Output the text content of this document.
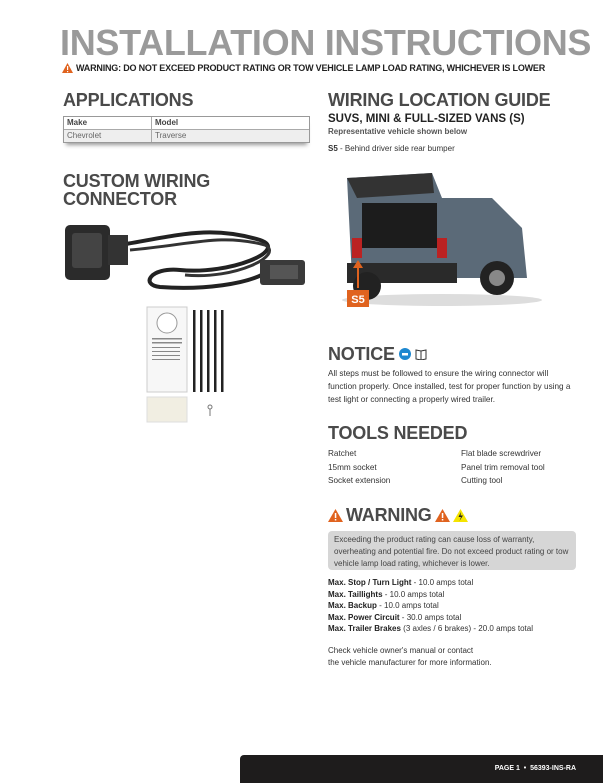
INSTALLATION INSTRUCTIONS
WARNING: DO NOT EXCEED PRODUCT RATING OR TOW VEHICLE LAMP LOAD RATING, WHICHEVER IS LOWER
APPLICATIONS
Make	Model
Chevrolet	Traverse
CUSTOM WIRING
CONNECTOR
WIRING LOCATION GUIDE
SUVS, MINI & FULL-SIZED VANS (S)
Representative vehicle shown below
S5 - Behind driver side rear bumper
S5
NOTICE
All steps must be followed to ensure the wiring connector will function properly. Once installed, test for proper function by using a test light or connecting a properly wired trailer.
TOOLS NEEDED
Ratchet	Flat blade screwdriver
15mm socket	Panel trim removal tool
Socket extension	Cutting tool
WARNING
Exceeding the product rating can cause loss of warranty, overheating and potential fire. Do not exceed product rating or tow vehicle lamp load rating, whichever is lower.
Max. Stop / Turn Light - 10.0 amps total
Max. Taillights - 10.0 amps total
Max. Backup - 10.0 amps total
Max. Power Circuit - 30.0 amps total
Max. Trailer Brakes (3 axles / 6 brakes) - 20.0 amps total
Check vehicle owner's manual or contact
the vehicle manufacturer for more information.
PAGE 1  •  56393-INS-RA
